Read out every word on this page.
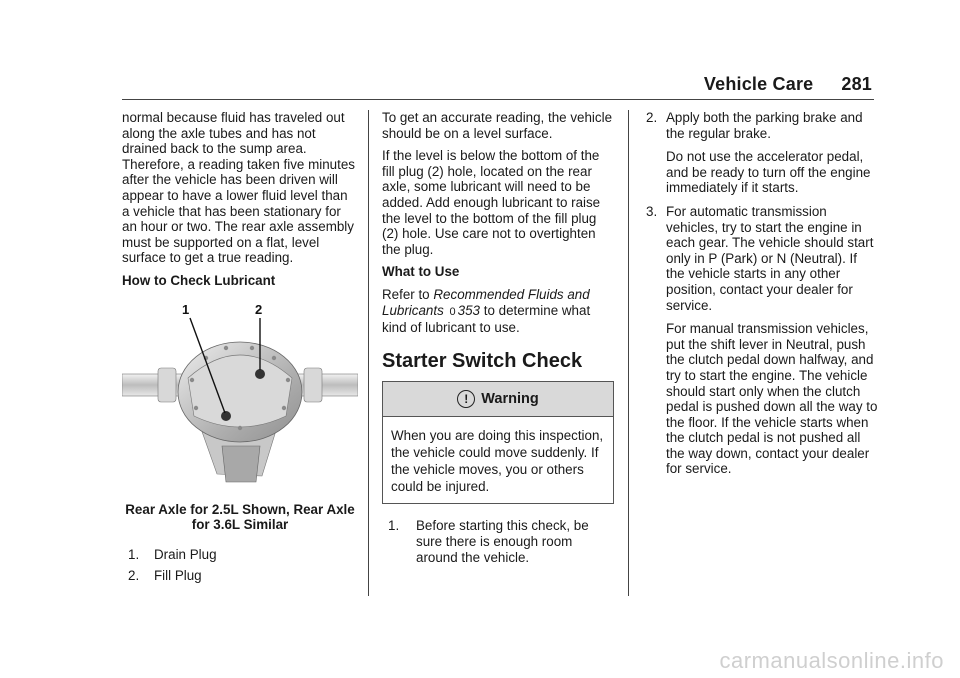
Vehicle Care 281

normal because fluid has traveled out along the axle tubes and has not drained back to the sump area. Therefore, a reading taken five minutes after the vehicle has been driven will appear to have a lower fluid level than a vehicle that has been stationary for an hour or two. The rear axle assembly must be supported on a flat, level surface to get a true reading.

How to Check Lubricant

1	2
Rear Axle for 2.5L Shown, Rear Axle for 3.6L Similar
1.	Drain Plug
2.	Fill Plug

To get an accurate reading, the vehicle should be on a level surface.

If the level is below the bottom of the fill plug (2) hole, located on the rear axle, some lubricant will need to be added. Add enough lubricant to raise the level to the bottom of the fill plug (2) hole. Use care not to overtighten the plug.

What to Use

Refer to Recommended Fluids and Lubricants 0 353 to determine what kind of lubricant to use.

Starter Switch Check
! Warning
When you are doing this inspection, the vehicle could move suddenly. If the vehicle moves, you or others could be injured.
1.	Before starting this check, be sure there is enough room around the vehicle.
2. Apply both the parking brake and the regular brake.

Do not use the accelerator pedal, and be ready to turn off the engine immediately if it starts.

3. For automatic transmission vehicles, try to start the engine in each gear. The vehicle should start only in P (Park) or N (Neutral). If the vehicle starts in any other position, contact your dealer for service.

For manual transmission vehicles, put the shift lever in Neutral, push the clutch pedal down halfway, and try to start the engine. The vehicle should start only when the clutch pedal is pushed down all the way to the floor. If the vehicle starts when the clutch pedal is not pushed all the way down, contact your dealer for service.

carmanualsonline.info
